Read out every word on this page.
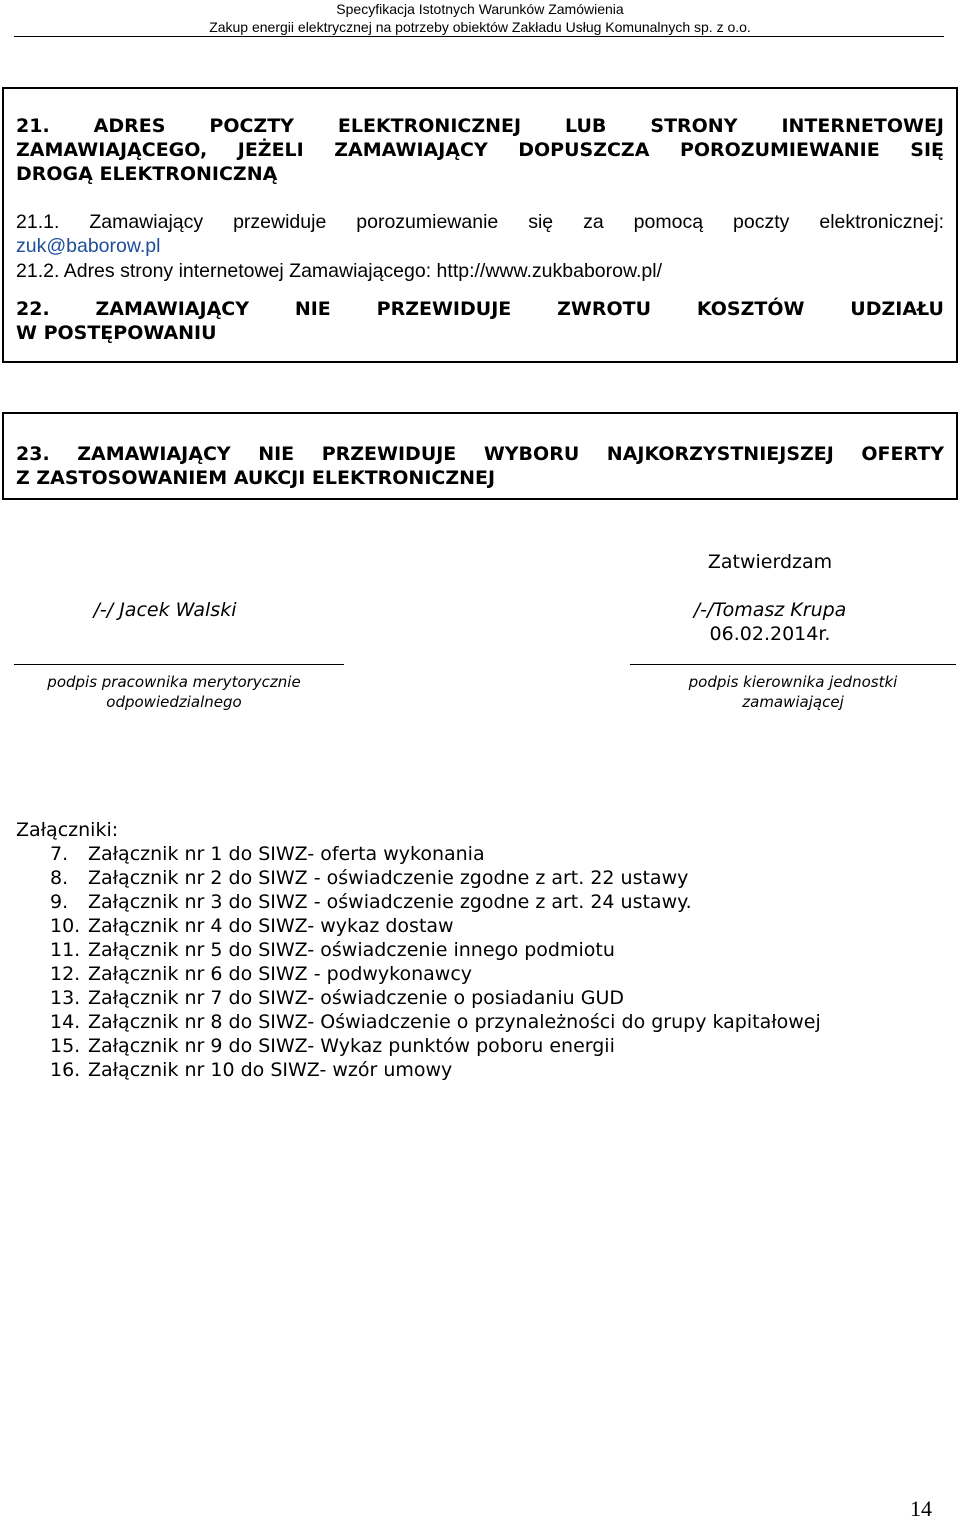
Specyfikacja Istotnych Warunków Zamówienia
Zakup energii elektrycznej na potrzeby obiektów Zakładu Usług Komunalnych sp. z o.o.
21. ADRES POCZTY ELEKTRONICZNEJ LUB STRONY INTERNETOWEJ
ZAMAWIAJĄCEGO, JEŻELI ZAMAWIAJĄCY DOPUSZCZA POROZUMIEWANIE SIĘ
DROGĄ ELEKTRONICZNĄ
21.1. Zamawiający przewiduje porozumiewanie się za pomocą poczty elektronicznej:
zuk@baborow.pl
21.2. Adres strony internetowej Zamawiającego: http://www.zukbaborow.pl/
22. ZAMAWIAJĄCY NIE PRZEWIDUJE ZWROTU KOSZTÓW UDZIAŁU
W POSTĘPOWANIU
23. ZAMAWIAJĄCY NIE PRZEWIDUJE WYBORU NAJKORZYSTNIEJSZEJ OFERTY
Z ZASTOSOWANIEM AUKCJI ELEKTRONICZNEJ
Zatwierdzam
/-/ Jacek Walski	/-/Tomasz Krupa
06.02.2014r.
podpis pracownika merytorycznie
odpowiedzialnego
podpis kierownika jednostki
zamawiającej
Załączniki:
7. Załącznik nr 1 do SIWZ- oferta wykonania
8. Załącznik nr 2 do SIWZ - oświadczenie zgodne z art. 22 ustawy
9. Załącznik nr 3 do SIWZ - oświadczenie zgodne z art. 24 ustawy.
10. Załącznik nr 4 do SIWZ- wykaz dostaw
11. Załącznik nr 5 do SIWZ- oświadczenie innego podmiotu
12. Załącznik nr 6 do SIWZ - podwykonawcy
13. Załącznik nr 7 do SIWZ- oświadczenie o posiadaniu GUD
14. Załącznik nr 8 do SIWZ- Oświadczenie o przynależności do grupy kapitałowej
15. Załącznik nr 9 do SIWZ- Wykaz punktów poboru energii
16. Załącznik nr 10 do SIWZ- wzór umowy
14
